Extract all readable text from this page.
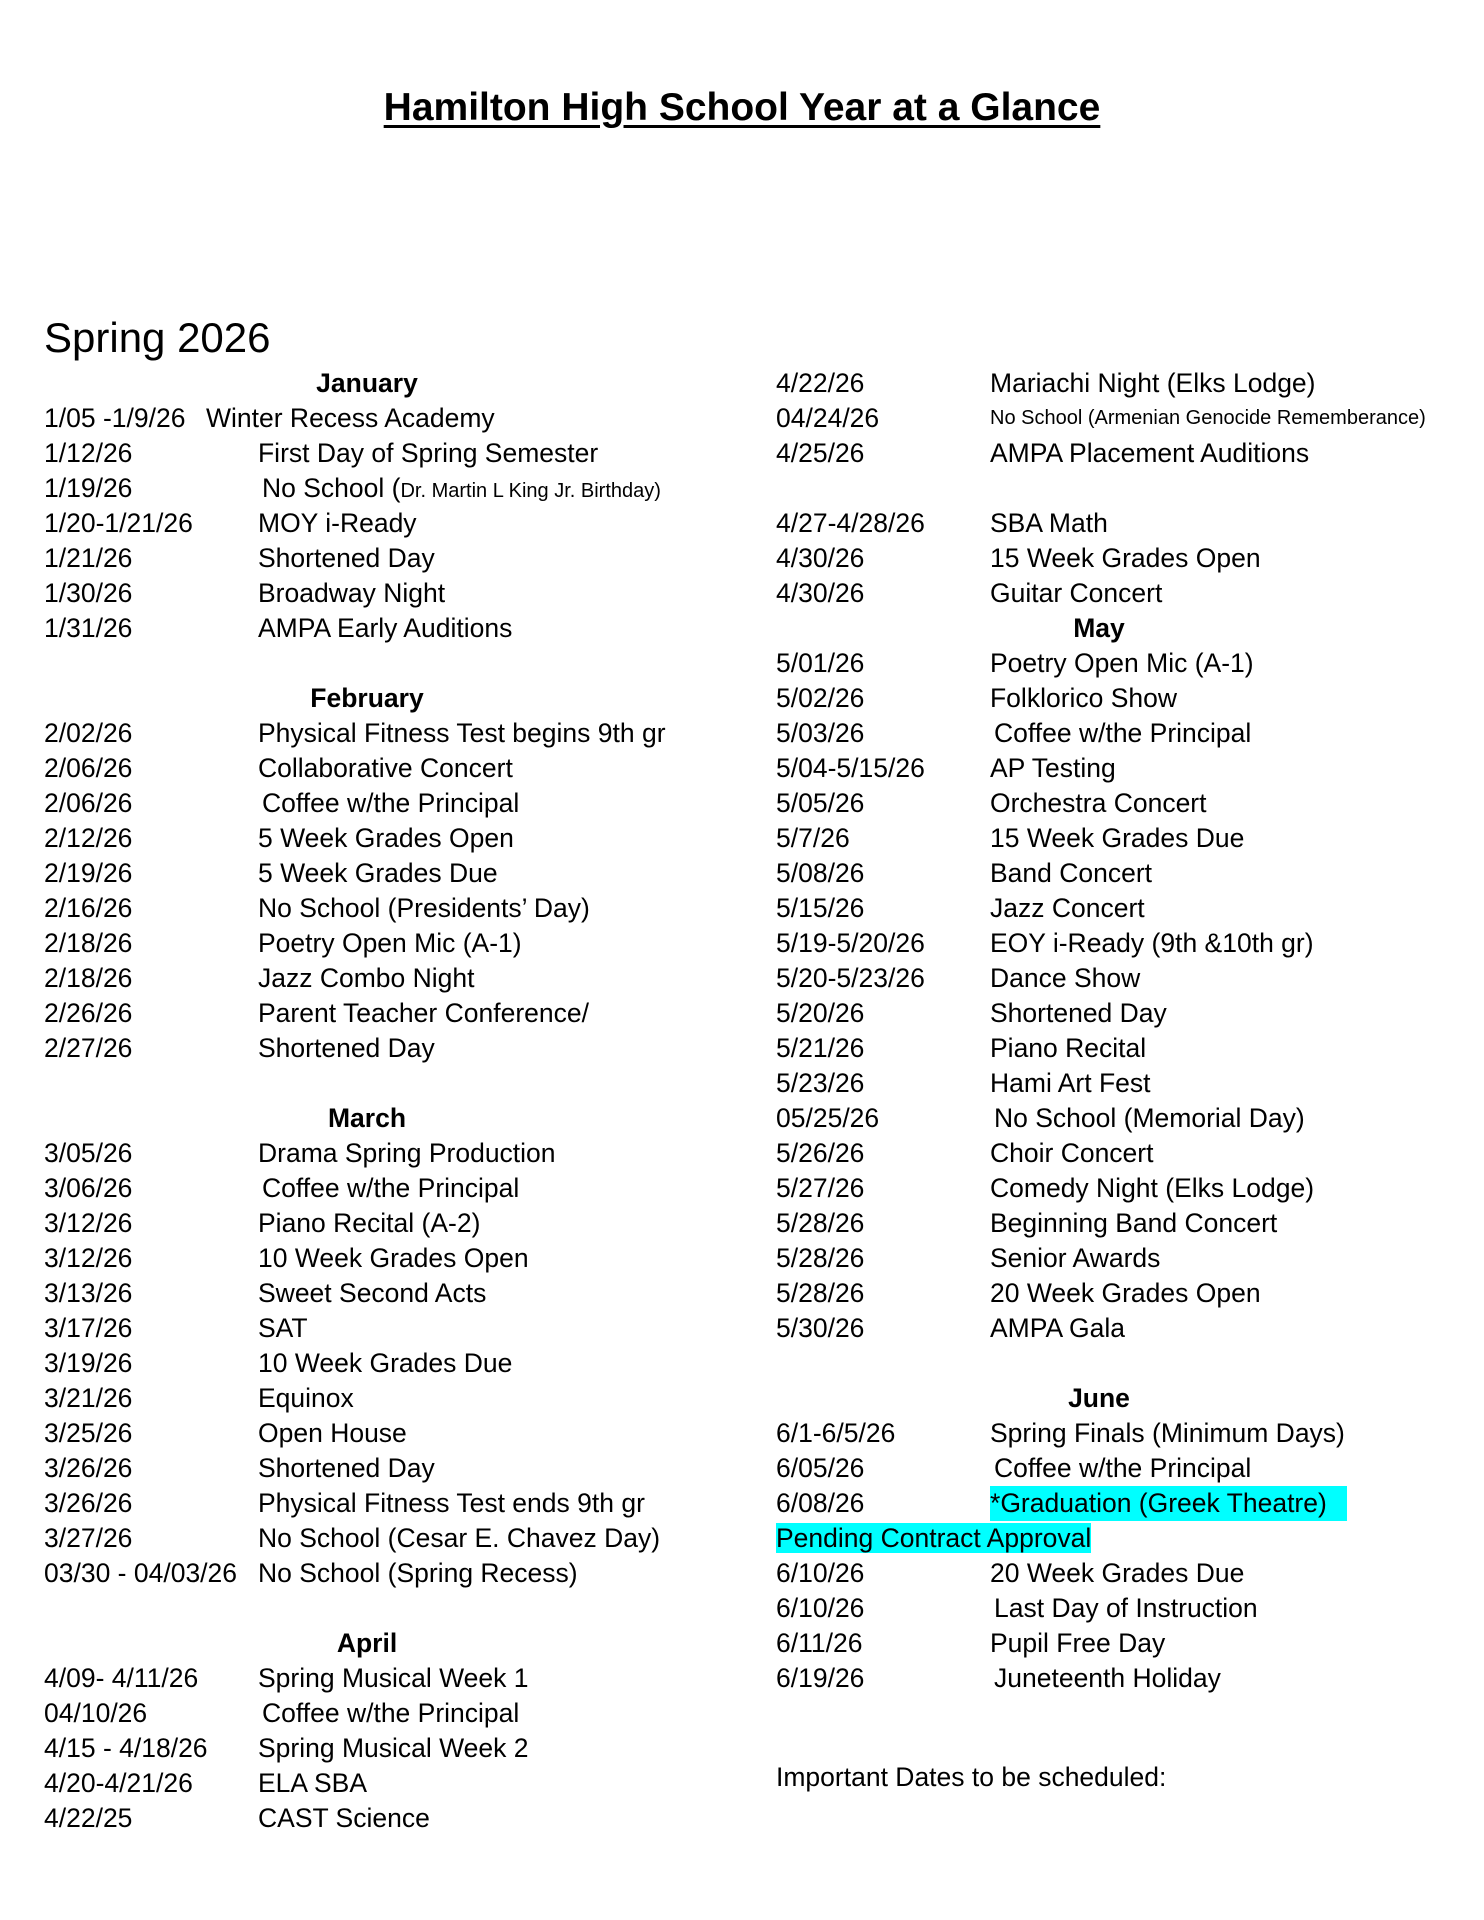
Hamilton High School Year at a Glance
Spring 2026
January
1/05 -1/9/26 Winter Recess Academy
1/12/26	First Day of Spring Semester
1/19/26	No School (Dr. Martin L King Jr. Birthday)
1/20-1/21/26 MOY i-Ready
1/21/26	Shortened Day
1/30/26	Broadway Night
1/31/26	AMPA Early Auditions
February
2/02/26	Physical Fitness Test begins 9th gr
2/06/26	Collaborative Concert
2/06/26	Coffee w/the Principal
2/12/26	5 Week Grades Open
2/19/26	5 Week Grades Due
2/16/26	No School (Presidents’ Day)
2/18/26	Poetry Open Mic (A-1)
2/18/26	Jazz Combo Night
2/26/26	Parent Teacher Conference/
2/27/26	Shortened Day
March
3/05/26	Drama Spring Production
3/06/26	Coffee w/the Principal
3/12/26	Piano Recital (A-2)
3/12/26	10 Week Grades Open
3/13/26	Sweet Second Acts
3/17/26	SAT
3/19/26	10 Week Grades Due
3/21/26	Equinox
3/25/26	Open House
3/26/26	Shortened Day
3/26/26	Physical Fitness Test ends 9th gr
3/27/26	No School (Cesar E. Chavez Day)
03/30 - 04/03/26 No School (Spring Recess)
April
4/09- 4/11/26 Spring Musical Week 1
04/10/26	Coffee w/the Principal
4/15 - 4/18/26 Spring Musical Week 2
4/20-4/21/26 ELA SBA
4/22/25	CAST Science
4/22/26	Mariachi Night (Elks Lodge)
04/24/26	No School (Armenian Genocide Rememberance)
4/25/26	AMPA Placement Auditions
4/27-4/28/26 SBA Math
4/30/26	15 Week Grades Open
4/30/26	Guitar Concert
May
5/01/26	Poetry Open Mic (A-1)
5/02/26	Folklorico Show
5/03/26	Coffee w/the Principal
5/04-5/15/26 AP Testing
5/05/26	Orchestra Concert
5/7/26	15 Week Grades Due
5/08/26	Band Concert
5/15/26	Jazz Concert
5/19-5/20/26 EOY i-Ready (9th &10th gr)
5/20-5/23/26 Dance Show
5/20/26	Shortened Day
5/21/26	Piano Recital
5/23/26	Hami Art Fest
05/25/26	No School (Memorial Day)
5/26/26	Choir Concert
5/27/26	Comedy Night (Elks Lodge)
5/28/26	Beginning Band Concert
5/28/26	Senior Awards
5/28/26	20 Week Grades Open
5/30/26	AMPA Gala
June
6/1-6/5/26	Spring Finals (Minimum Days)
6/05/26	Coffee w/the Principal
6/08/26	*Graduation (Greek Theatre)
Pending Contract Approval
6/10/26	20 Week Grades Due
6/10/26	Last Day of Instruction
6/11/26	Pupil Free Day
6/19/26	Juneteenth Holiday
Important Dates to be scheduled:
